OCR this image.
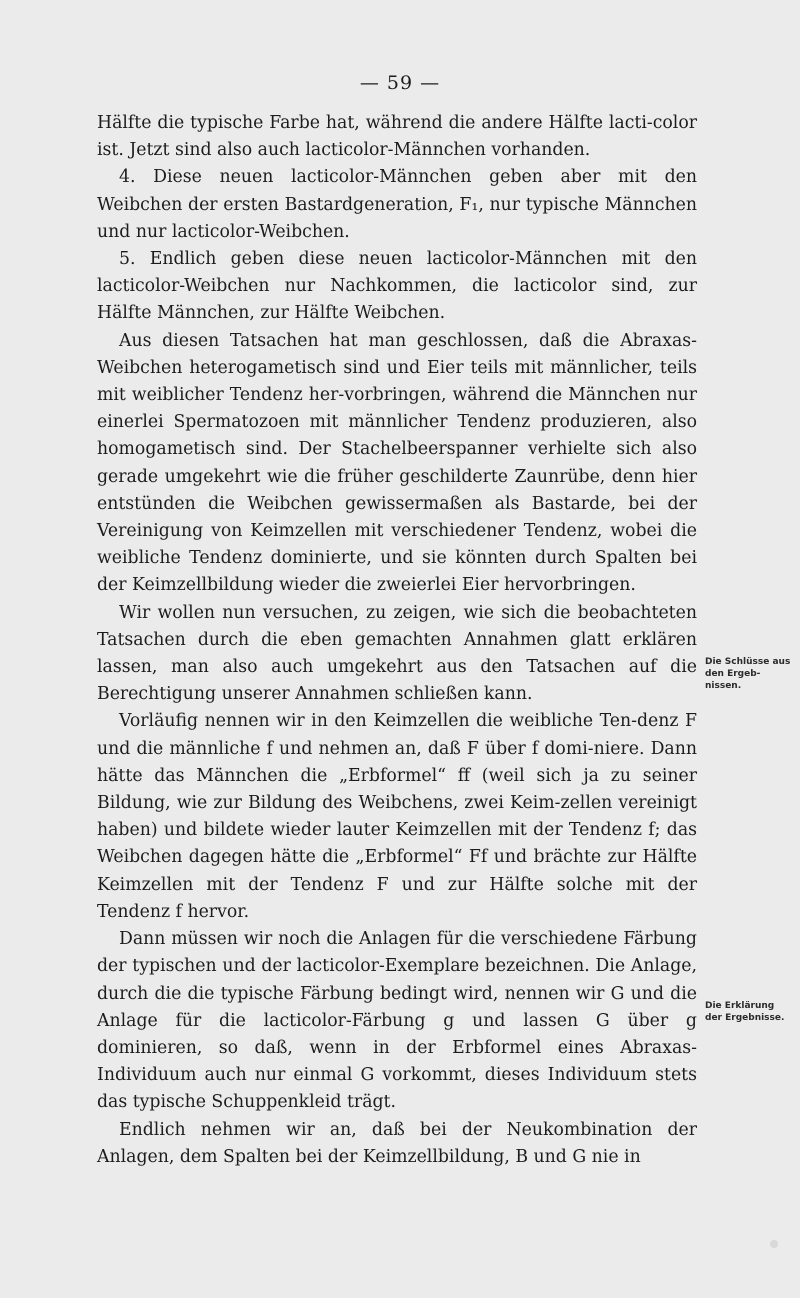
— 59 —

Hälfte die typische Farbe hat, während die andere Hälfte lacti-color ist. Jetzt sind also auch lacticolor-Männchen vorhanden.

4. Diese neuen lacticolor-Männchen geben aber mit den Weibchen der ersten Bastardgeneration, F₁, nur typische Männchen und nur lacticolor-Weibchen.

5. Endlich geben diese neuen lacticolor-Männchen mit den lacticolor-Weibchen nur Nachkommen, die lacticolor sind, zur Hälfte Männchen, zur Hälfte Weibchen.

Aus diesen Tatsachen hat man geschlossen, daß die Abraxas-Weibchen heterogametisch sind und Eier teils mit männlicher, teils mit weiblicher Tendenz her-vorbringen, während die Männchen nur einerlei Spermatozoen mit männlicher Tendenz produzieren, also homogametisch sind. Der Stachelbeerspanner verhielte sich also gerade umgekehrt wie die früher geschilderte Zaunrübe, denn hier entstünden die Weibchen gewissermaßen als Bastarde, bei der Vereinigung von Keimzellen mit verschiedener Tendenz, wobei die weibliche Tendenz dominierte, und sie könnten durch Spalten bei der Keimzellbildung wieder die zweierlei Eier hervorbringen.

Wir wollen nun versuchen, zu zeigen, wie sich die beobachteten Tatsachen durch die eben gemachten Annahmen glatt erklären lassen, man also auch umgekehrt aus den Tatsachen auf die Berechtigung unserer Annahmen schließen kann.

Vorläufig nennen wir in den Keimzellen die weibliche Ten-denz F und die männliche f und nehmen an, daß F über f domi-niere. Dann hätte das Männchen die „Erbformel“ ff (weil sich ja zu seiner Bildung, wie zur Bildung des Weibchens, zwei Keim-zellen vereinigt haben) und bildete wieder lauter Keimzellen mit der Tendenz f; das Weibchen dagegen hätte die „Erbformel“ Ff und brächte zur Hälfte Keimzellen mit der Tendenz F und zur Hälfte solche mit der Tendenz f hervor.

Dann müssen wir noch die Anlagen für die verschiedene Färbung der typischen und der lacticolor-Exemplare bezeichnen. Die Anlage, durch die die typische Färbung bedingt wird, nennen wir G und die Anlage für die lacticolor-Färbung g und lassen G über g dominieren, so daß, wenn in der Erbformel eines Abraxas-Individuum auch nur einmal G vorkommt, dieses Individuum stets das typische Schuppenkleid trägt.

Endlich nehmen wir an, daß bei der Neukombination der Anlagen, dem Spalten bei der Keimzellbildung, B und G nie in

Die Schlüsse aus
den Ergeb-
nissen.
Die Erklärung
der Ergebnisse.
